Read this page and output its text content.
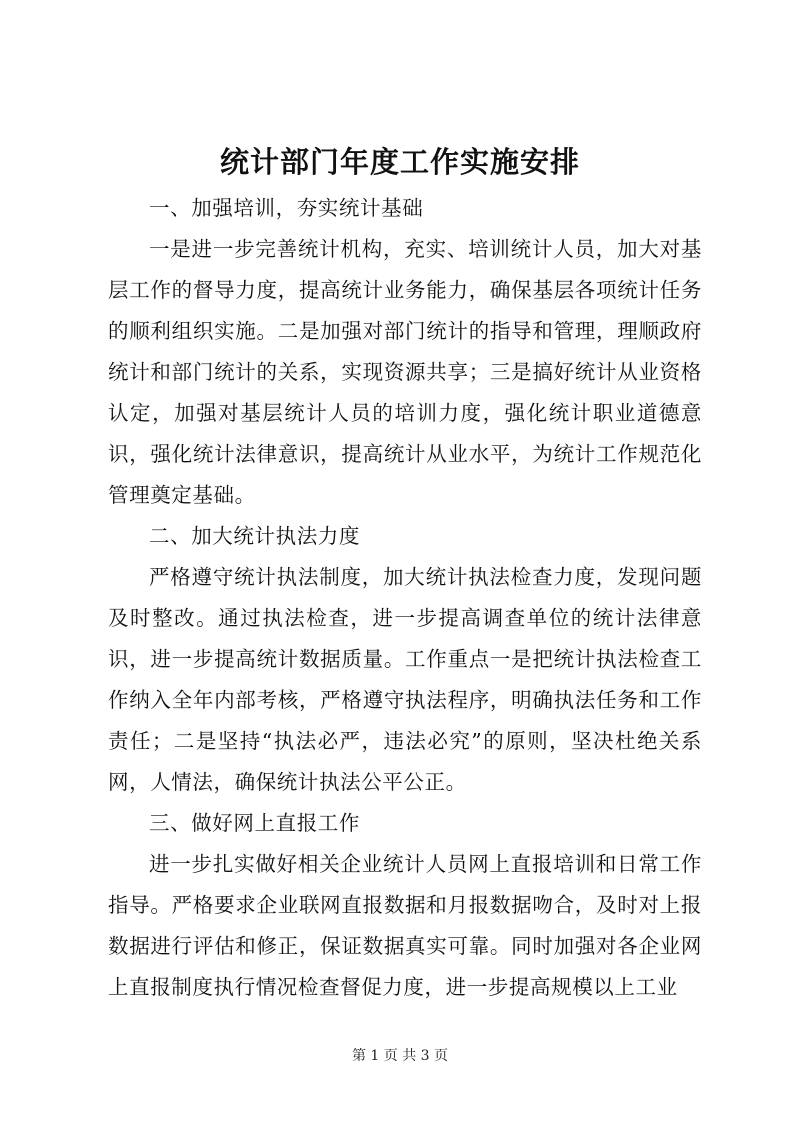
统计部门年度工作实施安排

一、加强培训，夯实统计基础

一是进一步完善统计机构，充实、培训统计人员，加大对基层工作的督导力度，提高统计业务能力，确保基层各项统计任务的顺利组织实施。二是加强对部门统计的指导和管理，理顺政府统计和部门统计的关系，实现资源共享；三是搞好统计从业资格认定，加强对基层统计人员的培训力度，强化统计职业道德意识，强化统计法律意识，提高统计从业水平，为统计工作规范化管理奠定基础。

二、加大统计执法力度

严格遵守统计执法制度，加大统计执法检查力度，发现问题及时整改。通过执法检查，进一步提高调查单位的统计法律意识，进一步提高统计数据质量。工作重点一是把统计执法检查工作纳入全年内部考核，严格遵守执法程序，明确执法任务和工作责任；二是坚持“执法必严，违法必究”的原则，坚决杜绝关系网，人情法，确保统计执法公平公正。

三、做好网上直报工作

进一步扎实做好相关企业统计人员网上直报培训和日常工作指导。严格要求企业联网直报数据和月报数据吻合，及时对上报数据进行评估和修正，保证数据真实可靠。同时加强对各企业网上直报制度执行情况检查督促力度，进一步提高规模以上工业

第 1 页 共 3 页
